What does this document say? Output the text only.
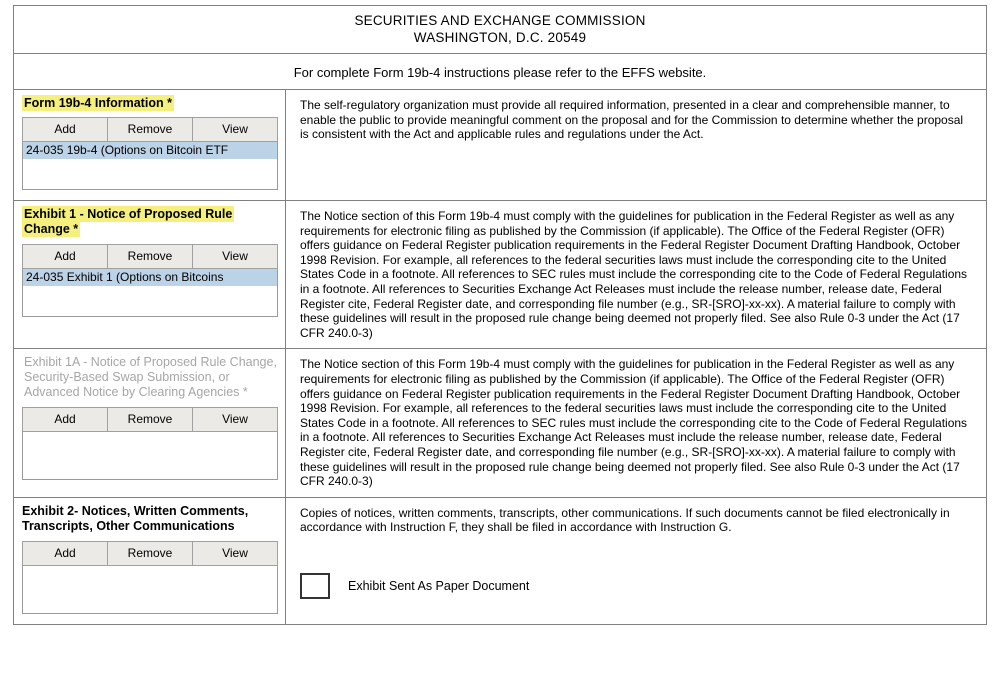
SECURITIES AND EXCHANGE COMMISSION
WASHINGTON, D.C. 20549
For complete Form 19b-4 instructions please refer to the EFFS website.
Form 19b-4 Information *
Add	Remove	View
24-035 19b-4 (Options on Bitcoin ETF
The self-regulatory organization must provide all required information, presented in a clear and comprehensible manner, to enable the public to provide meaningful comment on the proposal and for the Commission to determine whether the proposal is consistent with the Act and applicable rules and regulations under the Act.
Exhibit 1 - Notice of Proposed Rule Change *
Add	Remove	View
24-035 Exhibit 1 (Options on Bitcoins
The Notice section of this Form 19b-4 must comply with the guidelines for publication in the Federal Register as well as any requirements for electronic filing as published by the Commission (if applicable). The Office of the Federal Register (OFR) offers guidance on Federal Register publication requirements in the Federal Register Document Drafting Handbook, October 1998 Revision. For example, all references to the federal securities laws must include the corresponding cite to the United States Code in a footnote. All references to SEC rules must include the corresponding cite to the Code of Federal Regulations in a footnote. All references to Securities Exchange Act Releases must include the release number, release date, Federal Register cite, Federal Register date, and corresponding file number (e.g., SR-[SRO]-xx-xx). A material failure to comply with these guidelines will result in the proposed rule change being deemed not properly filed. See also Rule 0-3 under the Act (17 CFR 240.0-3)
Exhibit 1A - Notice of Proposed Rule Change, Security-Based Swap Submission, or Advanced Notice by Clearing Agencies *
Add	Remove	View
The Notice section of this Form 19b-4 must comply with the guidelines for publication in the Federal Register as well as any requirements for electronic filing as published by the Commission (if applicable). The Office of the Federal Register (OFR) offers guidance on Federal Register publication requirements in the Federal Register Document Drafting Handbook, October 1998 Revision. For example, all references to the federal securities laws must include the corresponding cite to the United States Code in a footnote. All references to SEC rules must include the corresponding cite to the Code of Federal Regulations in a footnote. All references to Securities Exchange Act Releases must include the release number, release date, Federal Register cite, Federal Register date, and corresponding file number (e.g., SR-[SRO]-xx-xx). A material failure to comply with these guidelines will result in the proposed rule change being deemed not properly filed. See also Rule 0-3 under the Act (17 CFR 240.0-3)
Exhibit 2- Notices, Written Comments, Transcripts, Other Communications
Add	Remove	View
Copies of notices, written comments, transcripts, other communications. If such documents cannot be filed electronically in accordance with Instruction F, they shall be filed in accordance with Instruction G.
Exhibit Sent As Paper Document
